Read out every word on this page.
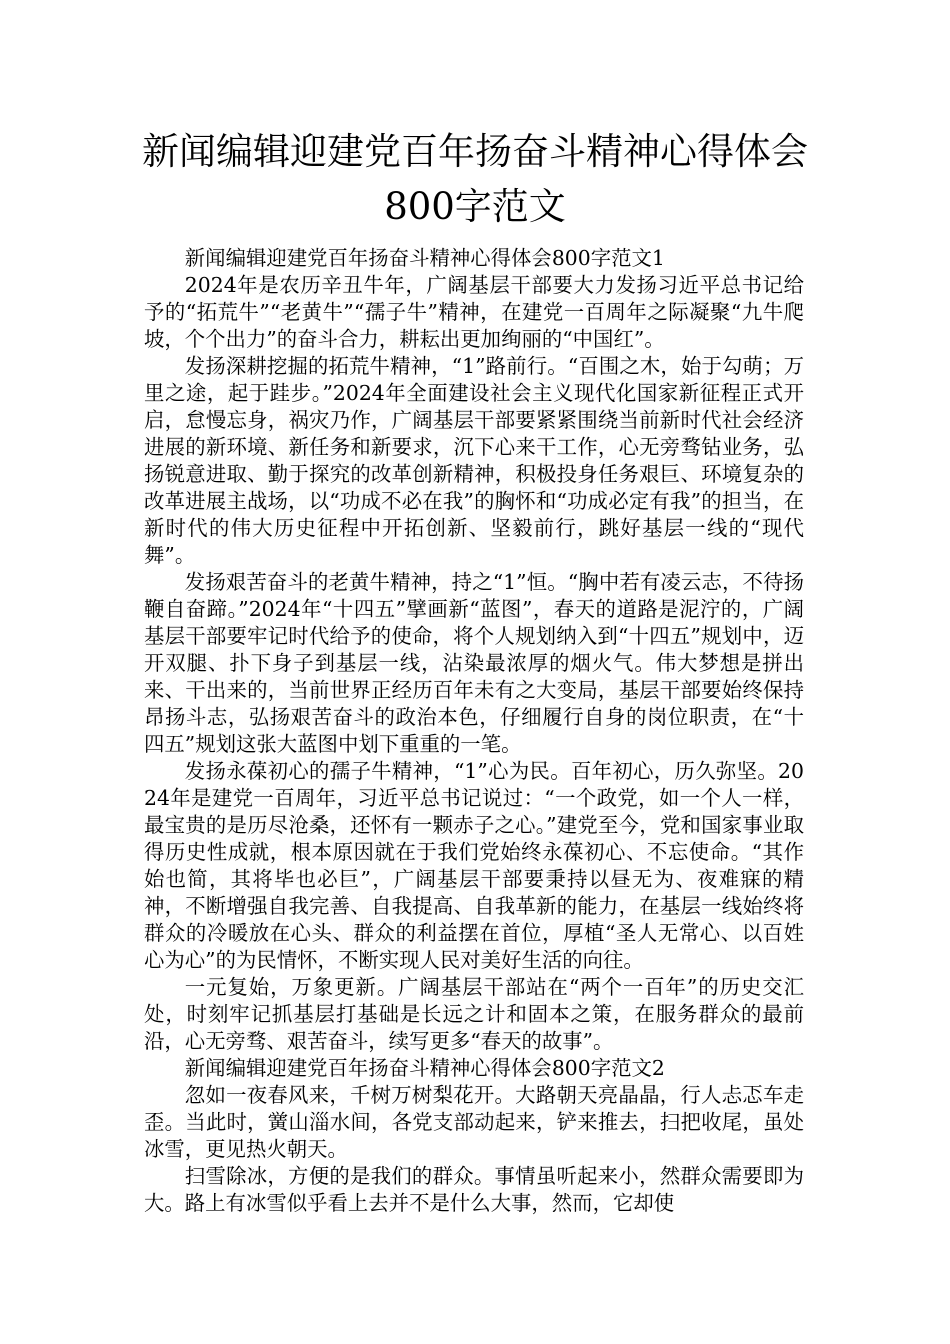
新闻编辑迎建党百年扬奋斗精神心得体会
800字范文

新闻编辑迎建党百年扬奋斗精神心得体会800字范文1

2024年是农历辛丑牛年，广阔基层干部要大力发扬习近平总书记给予的“拓荒牛”“老黄牛”“孺子牛”精神，在建党一百周年之际凝聚“九牛爬坡，个个出力”的奋斗合力，耕耘出更加绚丽的“中国红”。

发扬深耕挖掘的拓荒牛精神，“1”路前行。“百围之木，始于勾萌；万里之途，起于跬步。”2024年全面建设社会主义现代化国家新征程正式开启，怠慢忘身，祸灾乃作，广阔基层干部要紧紧围绕当前新时代社会经济进展的新环境、新任务和新要求，沉下心来干工作，心无旁骛钻业务，弘扬锐意进取、勤于探究的改革创新精神，积极投身任务艰巨、环境复杂的改革进展主战场，以“功成不必在我”的胸怀和“功成必定有我”的担当，在新时代的伟大历史征程中开拓创新、坚毅前行，跳好基层一线的“现代舞”。

发扬艰苦奋斗的老黄牛精神，持之“1”恒。“胸中若有凌云志，不待扬鞭自奋蹄。”2024年“十四五”擘画新“蓝图”，春天的道路是泥泞的，广阔基层干部要牢记时代给予的使命，将个人规划纳入到“十四五”规划中，迈开双腿、扑下身子到基层一线，沾染最浓厚的烟火气。伟大梦想是拼出来、干出来的，当前世界正经历百年未有之大变局，基层干部要始终保持昂扬斗志，弘扬艰苦奋斗的政治本色，仔细履行自身的岗位职责，在“十四五”规划这张大蓝图中划下重重的一笔。

发扬永葆初心的孺子牛精神，“1”心为民。百年初心，历久弥坚。2024年是建党一百周年，习近平总书记说过：“一个政党，如一个人一样，最宝贵的是历尽沧桑，还怀有一颗赤子之心。”建党至今，党和国家事业取得历史性成就，根本原因就在于我们党始终永葆初心、不忘使命。“其作始也简，其将毕也必巨”，广阔基层干部要秉持以昼无为、夜难寐的精神，不断增强自我完善、自我提高、自我革新的能力，在基层一线始终将群众的冷暖放在心头、群众的利益摆在首位，厚植“圣人无常心、以百姓心为心”的为民情怀，不断实现人民对美好生活的向往。

一元复始，万象更新。广阔基层干部站在“两个一百年”的历史交汇处，时刻牢记抓基层打基础是长远之计和固本之策，在服务群众的最前沿，心无旁骛、艰苦奋斗，续写更多“春天的故事”。

新闻编辑迎建党百年扬奋斗精神心得体会800字范文2

忽如一夜春风来，千树万树梨花开。大路朝天亮晶晶，行人忐忑车走歪。当此时，黉山淄水间，各党支部动起来，铲来推去，扫把收尾，虽处冰雪，更见热火朝天。

扫雪除冰，方便的是我们的群众。事情虽听起来小，然群众需要即为大。路上有冰雪似乎看上去并不是什么大事，然而，它却使
